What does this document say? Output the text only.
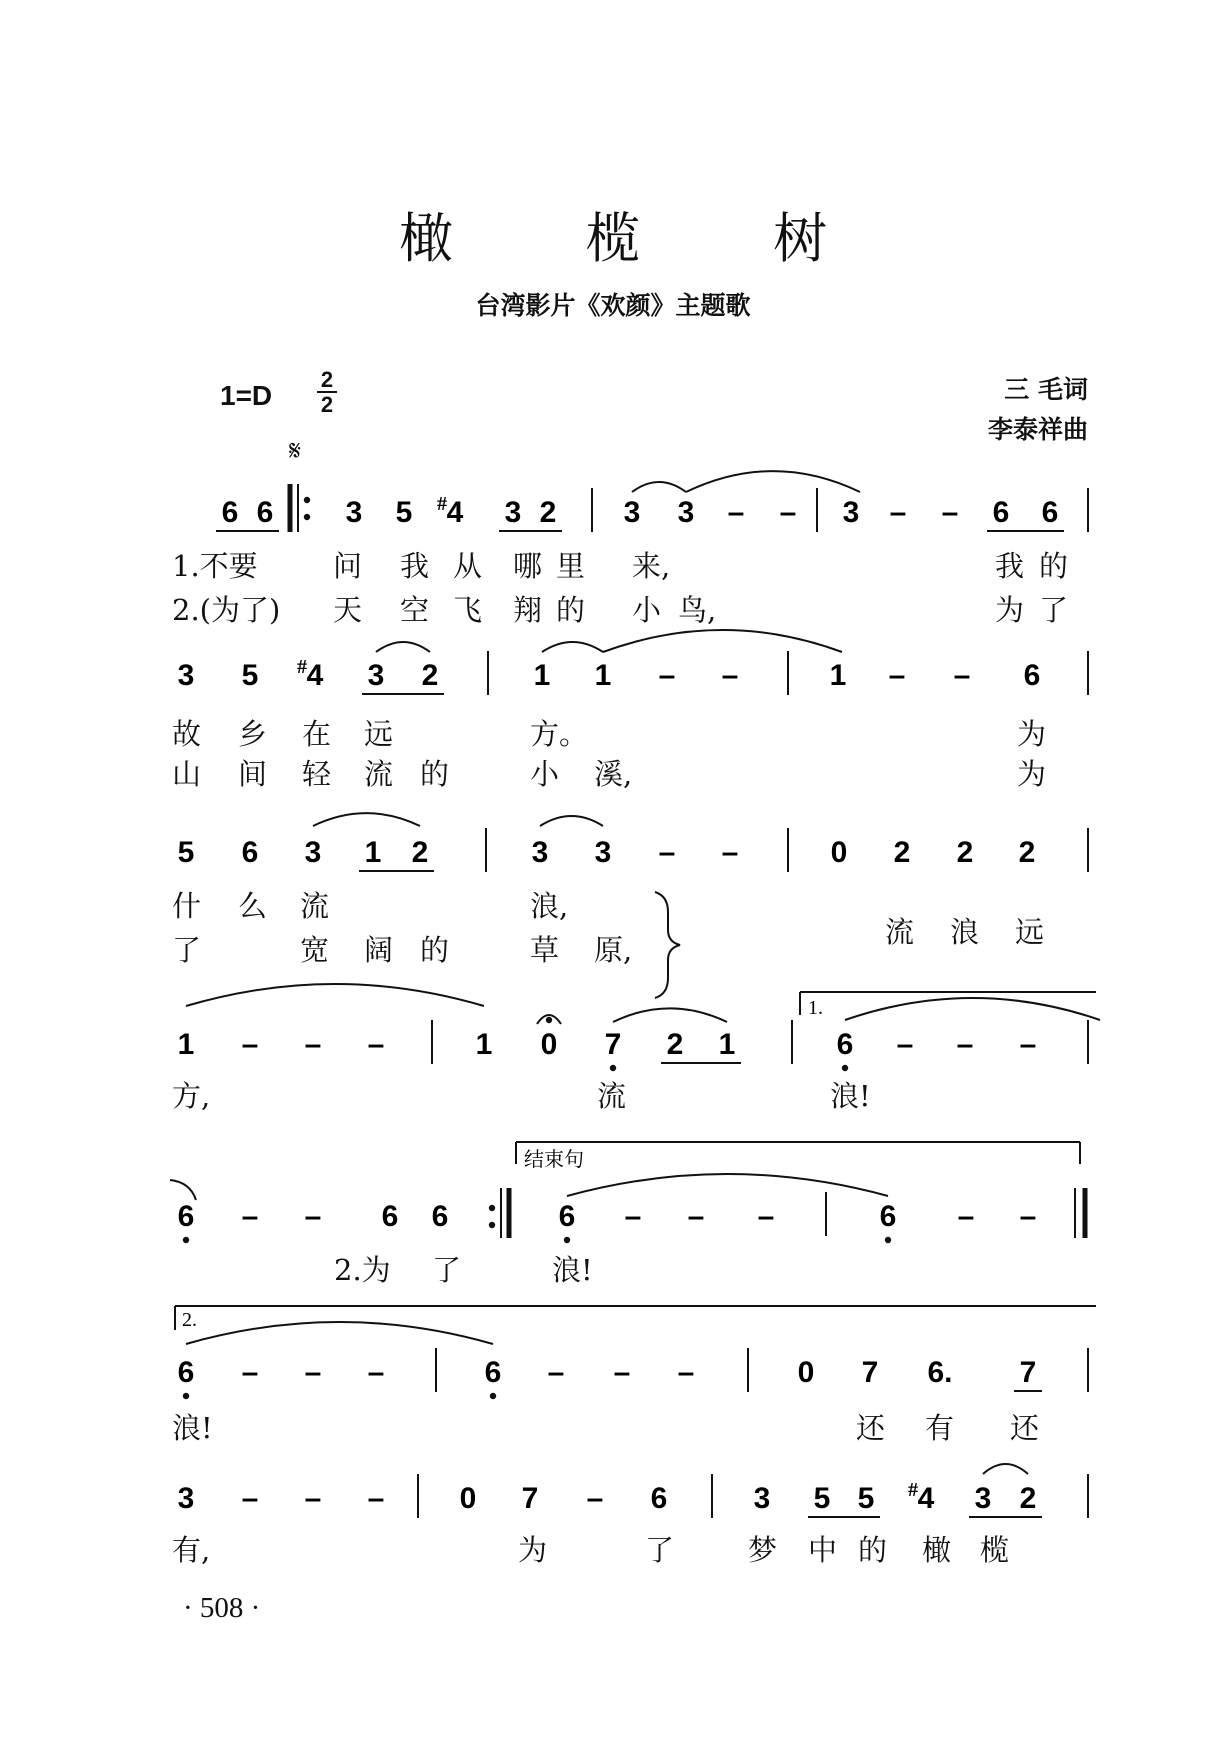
橄 榄 树
台湾影片《欢颜》主题歌
1=D
2
2
三 毛词
李泰祥曲
𝄋
6 6 3 5 4 3 2 3 3 – – 3 – – 6 6
#
3 5 4 3 2	1 1 – –	1 – – 6
#
5 6 3 1 2	3 3 – –	0 2 2 2
1 – – –	1 0 7 2 1	6 – – –
1.
6 – – 6 6	6 – – –	6 – –
结束句
6 – – –	6 – – –	0 7 6. 7
2.
3 – – –	0 7 – 6	3 5 5 4 3 2
#
1.不要	问 我 从 哪 里 来,	我 的
2.(为了) 天 空 飞 翔 的 小 鸟,	为 了
故 乡 在 远	方。	为
山 间 轻 流 的	小 溪,	为
什 么 流	浪,
了	宽 阔 的	草 原,
流 浪 远
方,	流	浪!
2.为 了	浪!
浪!	还 有 还
有,	为	了	梦 中 的 橄 榄
· 508 ·
